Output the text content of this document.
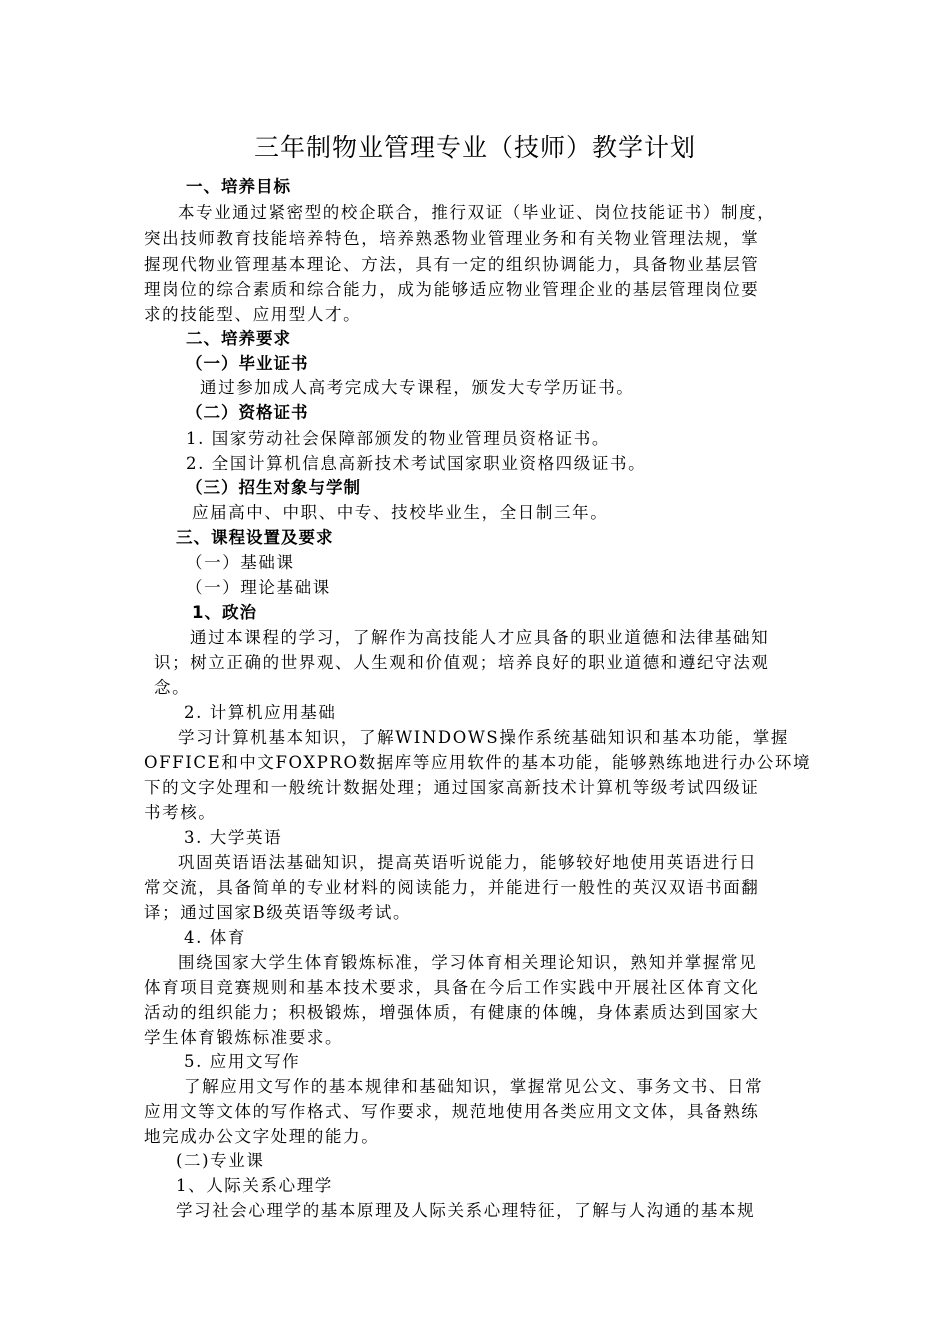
三年制物业管理专业（技师）教学计划
一、培养目标
本专业通过紧密型的校企联合，推行双证（毕业证、岗位技能证书）制度，
突出技师教育技能培养特色，培养熟悉物业管理业务和有关物业管理法规，掌
握现代物业管理基本理论、方法，具有一定的组织协调能力，具备物业基层管
理岗位的综合素质和综合能力，成为能够适应物业管理企业的基层管理岗位要
求的技能型、应用型人才。
二、培养要求
（一）毕业证书
通过参加成人高考完成大专课程，颁发大专学历证书。
（二）资格证书
1. 国家劳动社会保障部颁发的物业管理员资格证书。
2. 全国计算机信息高新技术考试国家职业资格四级证书。
（三）招生对象与学制
应届高中、中职、中专、技校毕业生，全日制三年。
三、课程设置及要求
（一）基础课
（一）理论基础课
1、政治
通过本课程的学习，了解作为高技能人才应具备的职业道德和法律基础知
识；树立正确的世界观、人生观和价值观；培养良好的职业道德和遵纪守法观
念。
2. 计算机应用基础
学习计算机基本知识，了解WINDOWS操作系统基础知识和基本功能，掌握
OFFICE和中文FOXPRO数据库等应用软件的基本功能，能够熟练地进行办公环境
下的文字处理和一般统计数据处理；通过国家高新技术计算机等级考试四级证
书考核。
3. 大学英语
巩固英语语法基础知识，提高英语听说能力，能够较好地使用英语进行日
常交流，具备简单的专业材料的阅读能力，并能进行一般性的英汉双语书面翻
译；通过国家B级英语等级考试。
4. 体育
围绕国家大学生体育锻炼标准，学习体育相关理论知识，熟知并掌握常见
体育项目竞赛规则和基本技术要求，具备在今后工作实践中开展社区体育文化
活动的组织能力；积极锻炼，增强体质，有健康的体魄，身体素质达到国家大
学生体育锻炼标准要求。
5. 应用文写作
了解应用文写作的基本规律和基础知识，掌握常见公文、事务文书、日常
应用文等文体的写作格式、写作要求，规范地使用各类应用文文体，具备熟练
地完成办公文字处理的能力。
(二)专业课
1、人际关系心理学
学习社会心理学的基本原理及人际关系心理特征，了解与人沟通的基本规
